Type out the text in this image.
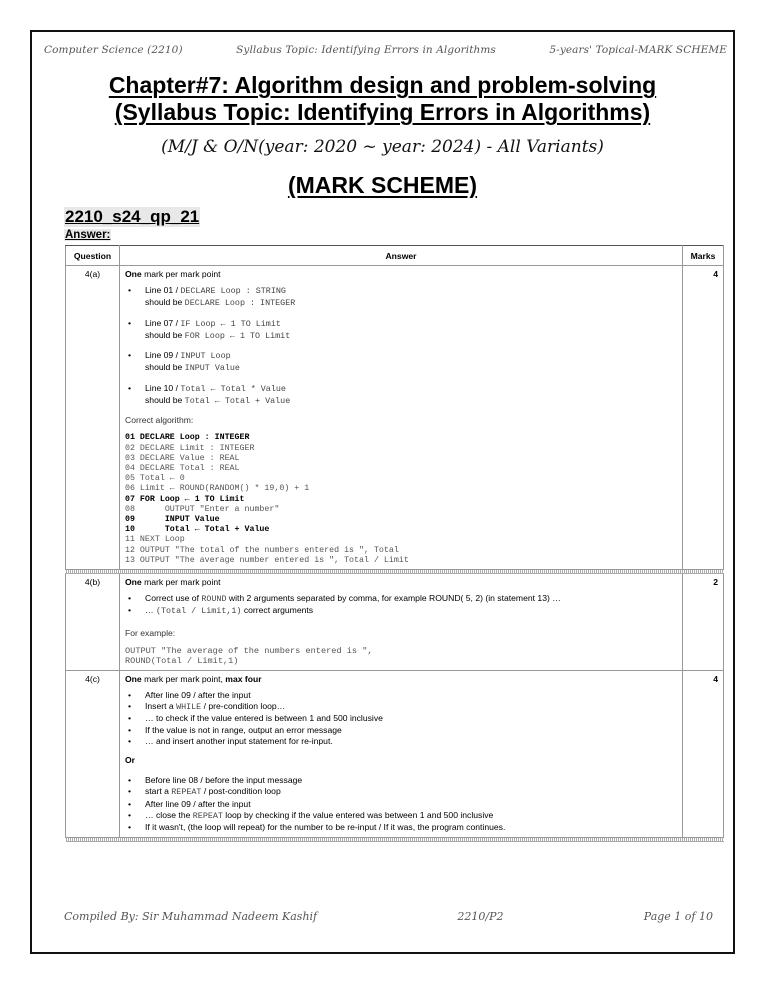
Computer Science (2210)	Syllabus Topic: Identifying Errors in Algorithms	5-years' Topical-MARK SCHEME
Chapter#7: Algorithm design and problem-solving
(Syllabus Topic: Identifying Errors in Algorithms)
(M/J & O/N(year: 2020 ~ year: 2024) - All Variants)
(MARK SCHEME)
2210_s24_qp_21
Answer:
Question	Answer	Marks
4(a)	One mark per mark point
• Line 01 / DECLARE Loop : STRING
should be DECLARE Loop : INTEGER
• Line 07 / IF Loop ← 1 TO Limit
should be FOR Loop ← 1 TO Limit
• Line 09 / INPUT Loop
should be INPUT Value
• Line 10 / Total ← Total * Value
should be Total ← Total + Value
Correct algorithm:
01 DECLARE Loop : INTEGER
02 DECLARE Limit : INTEGER
03 DECLARE Value : REAL
04 DECLARE Total : REAL
05 Total ← 0
06 Limit ← ROUND(RANDOM() * 19,0) + 1
07 FOR Loop ← 1 TO Limit
08      OUTPUT "Enter a number"
09      INPUT Value
10      Total ← Total + Value
11 NEXT Loop
12 OUTPUT "The total of the numbers entered is ", Total
13 OUTPUT "The average number entered is ", Total / Limit
	4

4(b)	One mark per mark point
• Correct use of ROUND with 2 arguments separated by comma, for example ROUND( 5, 2) (in statement 13) …
• … (Total / Limit,1) correct arguments
For example:
OUTPUT "The average of the numbers entered is ",
ROUND(Total / Limit,1)
	2
4(c)	One mark per mark point, max four
• After line 09 / after the input
• Insert a WHILE / pre-condition loop…
• … to check if the value entered is between 1 and 500 inclusive
• If the value is not in range, output an error message
• … and insert another input statement for re-input.
Or
• Before line 08 / before the input message
• start a REPEAT / post-condition loop
• After line 09 / after the input
• … close the REPEAT loop by checking if the value entered was between 1 and 500 inclusive
• If it wasn't, (the loop will repeat) for the number to be re-input / If it was, the program continues.
	4

Compiled By: Sir Muhammad Nadeem Kashif	2210/P2	Page 1 of 10
